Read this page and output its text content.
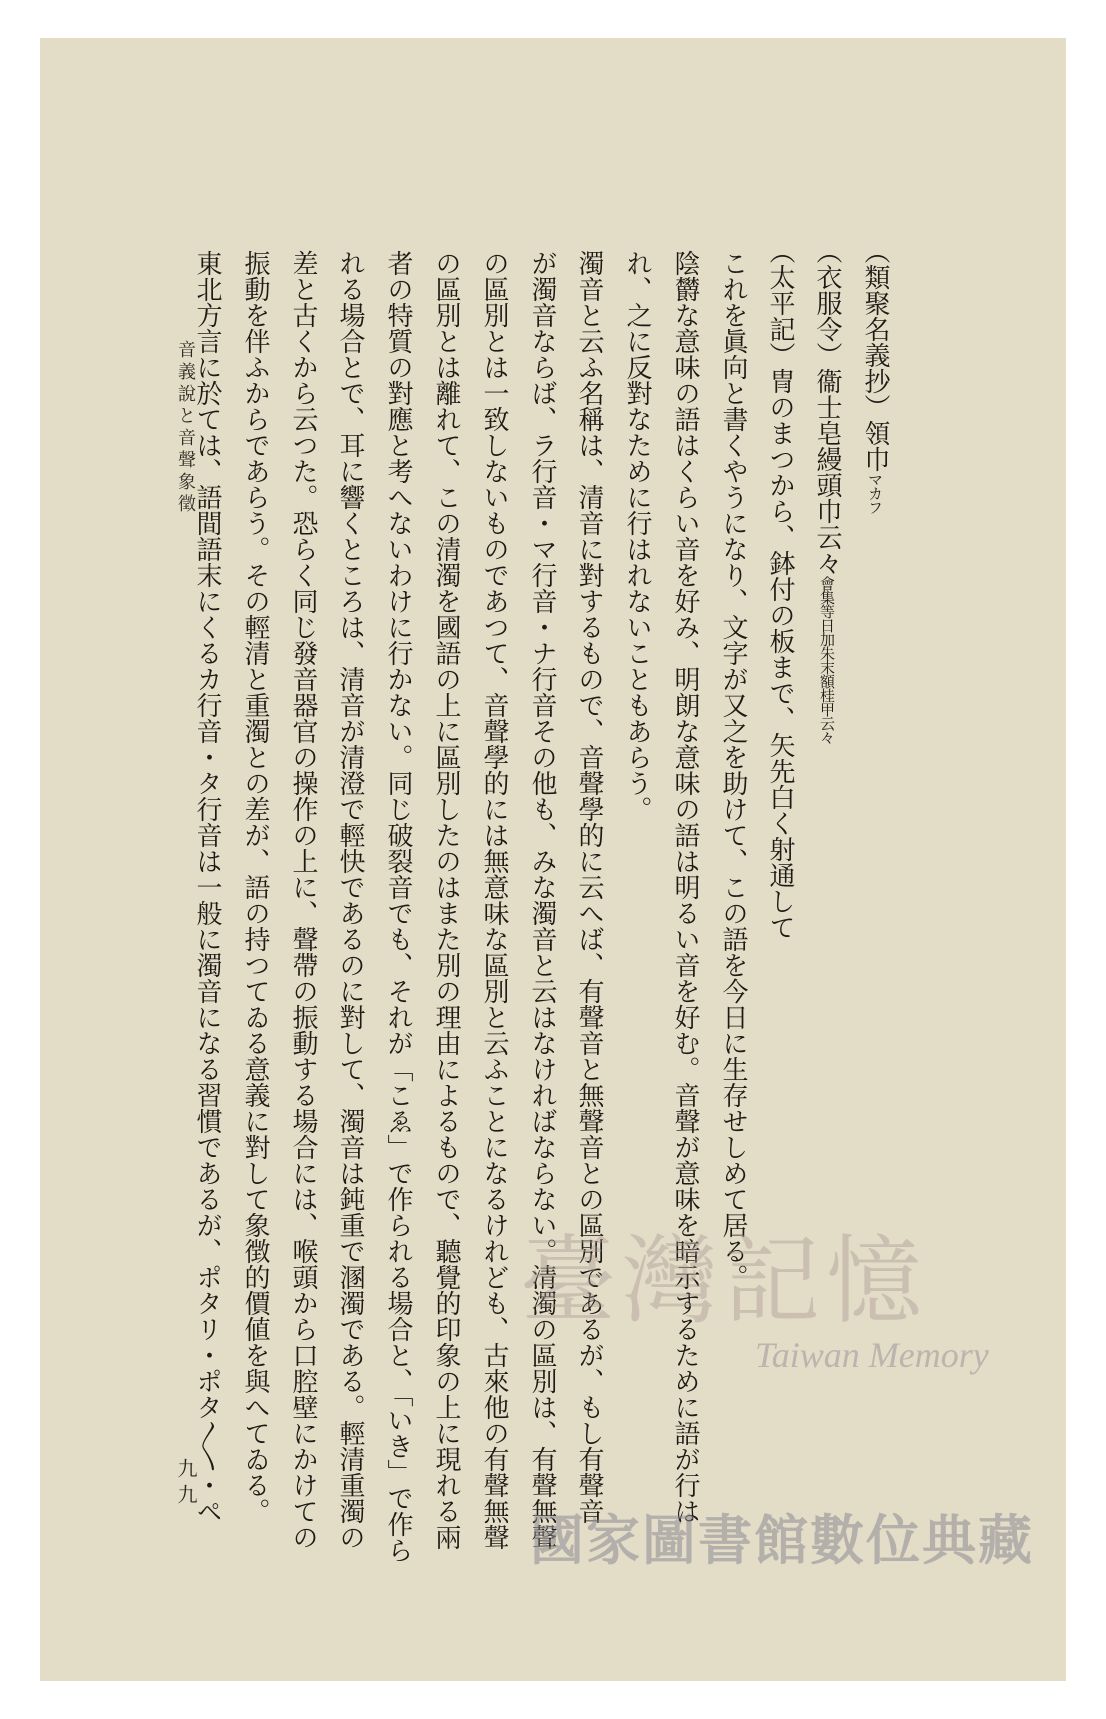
（類聚名義抄）領巾マカフ
（衣服令）衞士皂縵頭巾云々會集等日加朱末額桂甲云々
（太平記）冑のまつから、鉢付の板まで、矢先白く射通して
これを眞向と書くやうになり、文字が又之を助けて、この語を今日に生存せしめて居る。
陰欝な意味の語はくらい音を好み、明朗な意味の語は明るい音を好む。音聲が意味を暗示するために語が行は
れ、之に反對なために行はれないこともあらう。
濁音と云ふ名稱は、清音に對するもので、音聲學的に云へば、有聲音と無聲音との區別であるが、もし有聲音
が濁音ならば、ラ行音・マ行音・ナ行音その他も、みな濁音と云はなければならない。清濁の區別は、有聲無聲
の區別とは一致しないものであつて、音聲學的には無意味な區別と云ふことになるけれども、古來他の有聲無聲
の區別とは離れて、この清濁を國語の上に區別したのはまた別の理由によるもので、聽覺的印象の上に現れる兩
者の特質の對應と考へないわけに行かない。同じ破裂音でも、それが「こゑ」で作られる場合と、「いき」で作ら
れる場合とで、耳に響くところは、清音が清澄で輕快であるのに對して、濁音は鈍重で溷濁である。輕清重濁の
差と古くから云つた。恐らく同じ發音器官の操作の上に、聲帶の振動する場合には、喉頭から口腔壁にかけての
振動を伴ふからであらう。その輕清と重濁との差が、語の持つてゐる意義に對して象徴的價値を與へてゐる。
東北方言に於ては、語間語末にくるカ行音・タ行音は一般に濁音になる習慣であるが、ポタリ・ポタ〳〵・ペ
音義說と音聲象徵
九九
臺灣記憶
Taiwan Memory
國家圖書館數位典藏
